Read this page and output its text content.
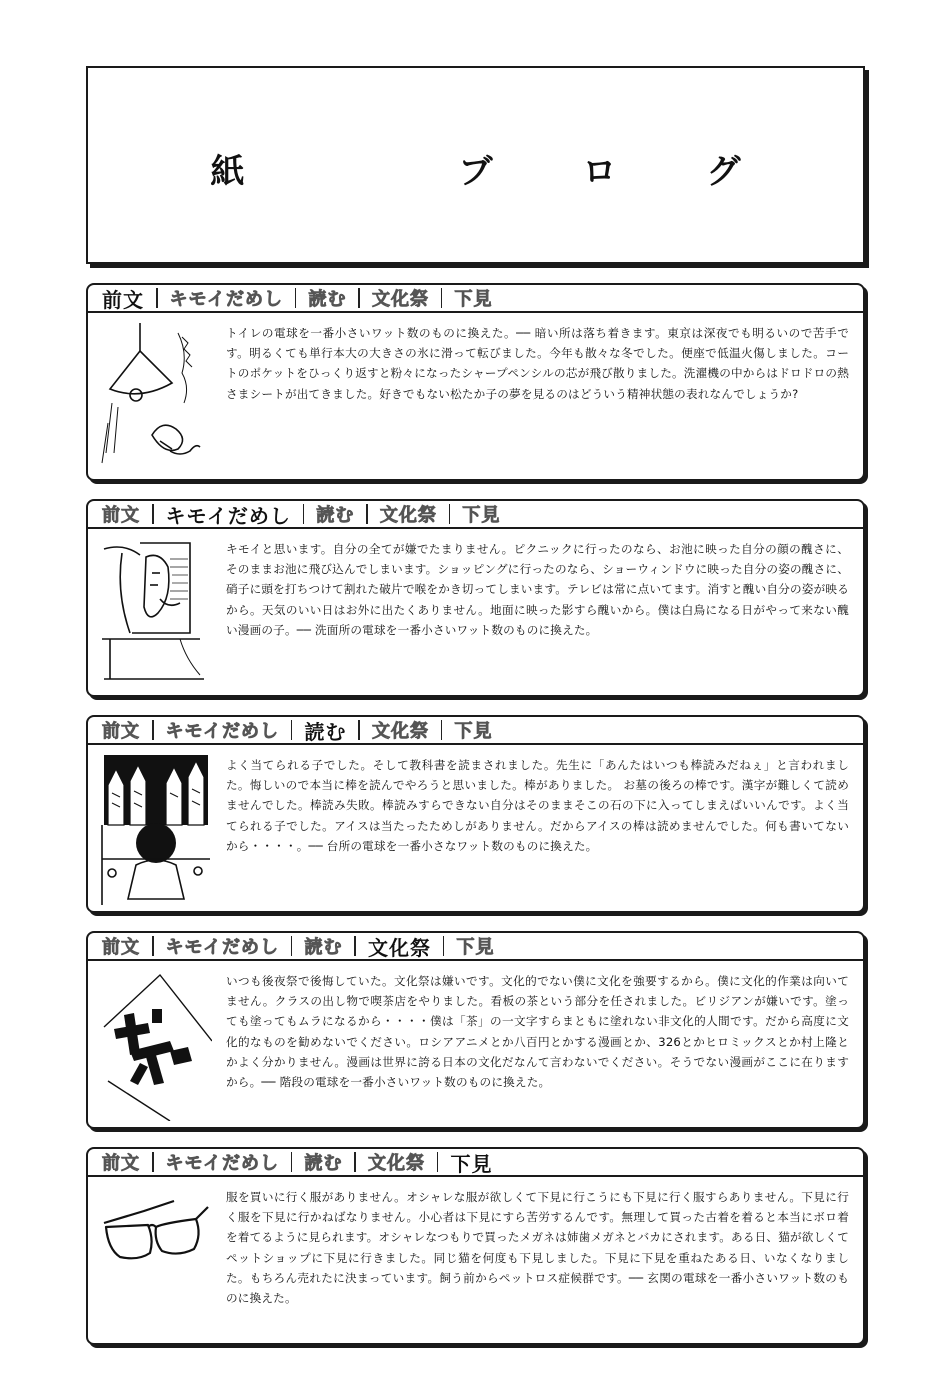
紙　ブログ
前文 キモイだめし 読む 文化祭 下見
トイレの電球を一番小さいワット数のものに換えた。── 暗い所は落ち着きます。東京は深夜でも明るいので苦手です。明るくても単行本大の大きさの氷に滑って転びました。今年も散々な冬でした。便座で低温火傷しました。コートのポケットをひっくり返すと粉々になったシャープペンシルの芯が飛び散りました。洗濯機の中からはドロドロの熱さまシートが出てきました。好きでもない松たか子の夢を見るのはどういう精神状態の表れなんでしょうか?
前文 キモイだめし 読む 文化祭 下見
キモイと思います。自分の全てが嫌でたまりません。ピクニックに行ったのなら、お池に映った自分の顔の醜さに、そのままお池に飛び込んでしまいます。ショッピングに行ったのなら、ショーウィンドウに映った自分の姿の醜さに、硝子に頭を打ちつけて割れた破片で喉をかき切ってしまいます。テレビは常に点いてます。消すと醜い自分の姿が映るから。天気のいい日はお外に出たくありません。地面に映った影すら醜いから。僕は白鳥になる日がやって来ない醜い漫画の子。── 洗面所の電球を一番小さいワット数のものに換えた。
前文 キモイだめし 読む 文化祭 下見
よく当てられる子でした。そして教科書を読まされました。先生に「あんたはいつも棒読みだねぇ」と言われました。悔しいので本当に棒を読んでやろうと思いました。棒がありました。 お墓の後ろの棒です。漢字が難しくて読めませんでした。棒読み失敗。棒読みすらできない自分はそのままそこの石の下に入ってしまえばいいんです。よく当てられる子でした。アイスは当たったためしがありません。だからアイスの棒は読めませんでした。何も書いてないから・・・・。── 台所の電球を一番小さなワット数のものに換えた。
前文 キモイだめし 読む 文化祭 下見
いつも後夜祭で後悔していた。文化祭は嫌いです。文化的でない僕に文化を強要するから。僕に文化的作業は向いてません。クラスの出し物で喫茶店をやりました。看板の茶という部分を任されました。ビリジアンが嫌いです。塗っても塗ってもムラになるから・・・・僕は「茶」の一文字すらまともに塗れない非文化的人間です。だから高度に文化的なものを勧めないでください。ロシアアニメとか八百円とかする漫画とか、326とかヒロミックスとか村上隆とかよく分かりません。漫画は世界に誇る日本の文化だなんて言わないでください。そうでない漫画がここに在りますから。── 階段の電球を一番小さいワット数のものに換えた。
前文 キモイだめし 読む 文化祭 下見
服を買いに行く服がありません。オシャレな服が欲しくて下見に行こうにも下見に行く服すらありません。下見に行く服を下見に行かねばなりません。小心者は下見にすら苦労するんです。無理して買った古着を着ると本当にボロ着を着てるように見られます。オシャレなつもりで買ったメガネは姉歯メガネとバカにされます。ある日、猫が欲しくてペットショップに下見に行きました。同じ猫を何度も下見しました。下見に下見を重ねたある日、いなくなりました。もちろん売れたに決まっています。飼う前からペットロス症候群です。── 玄関の電球を一番小さいワット数のものに換えた。
